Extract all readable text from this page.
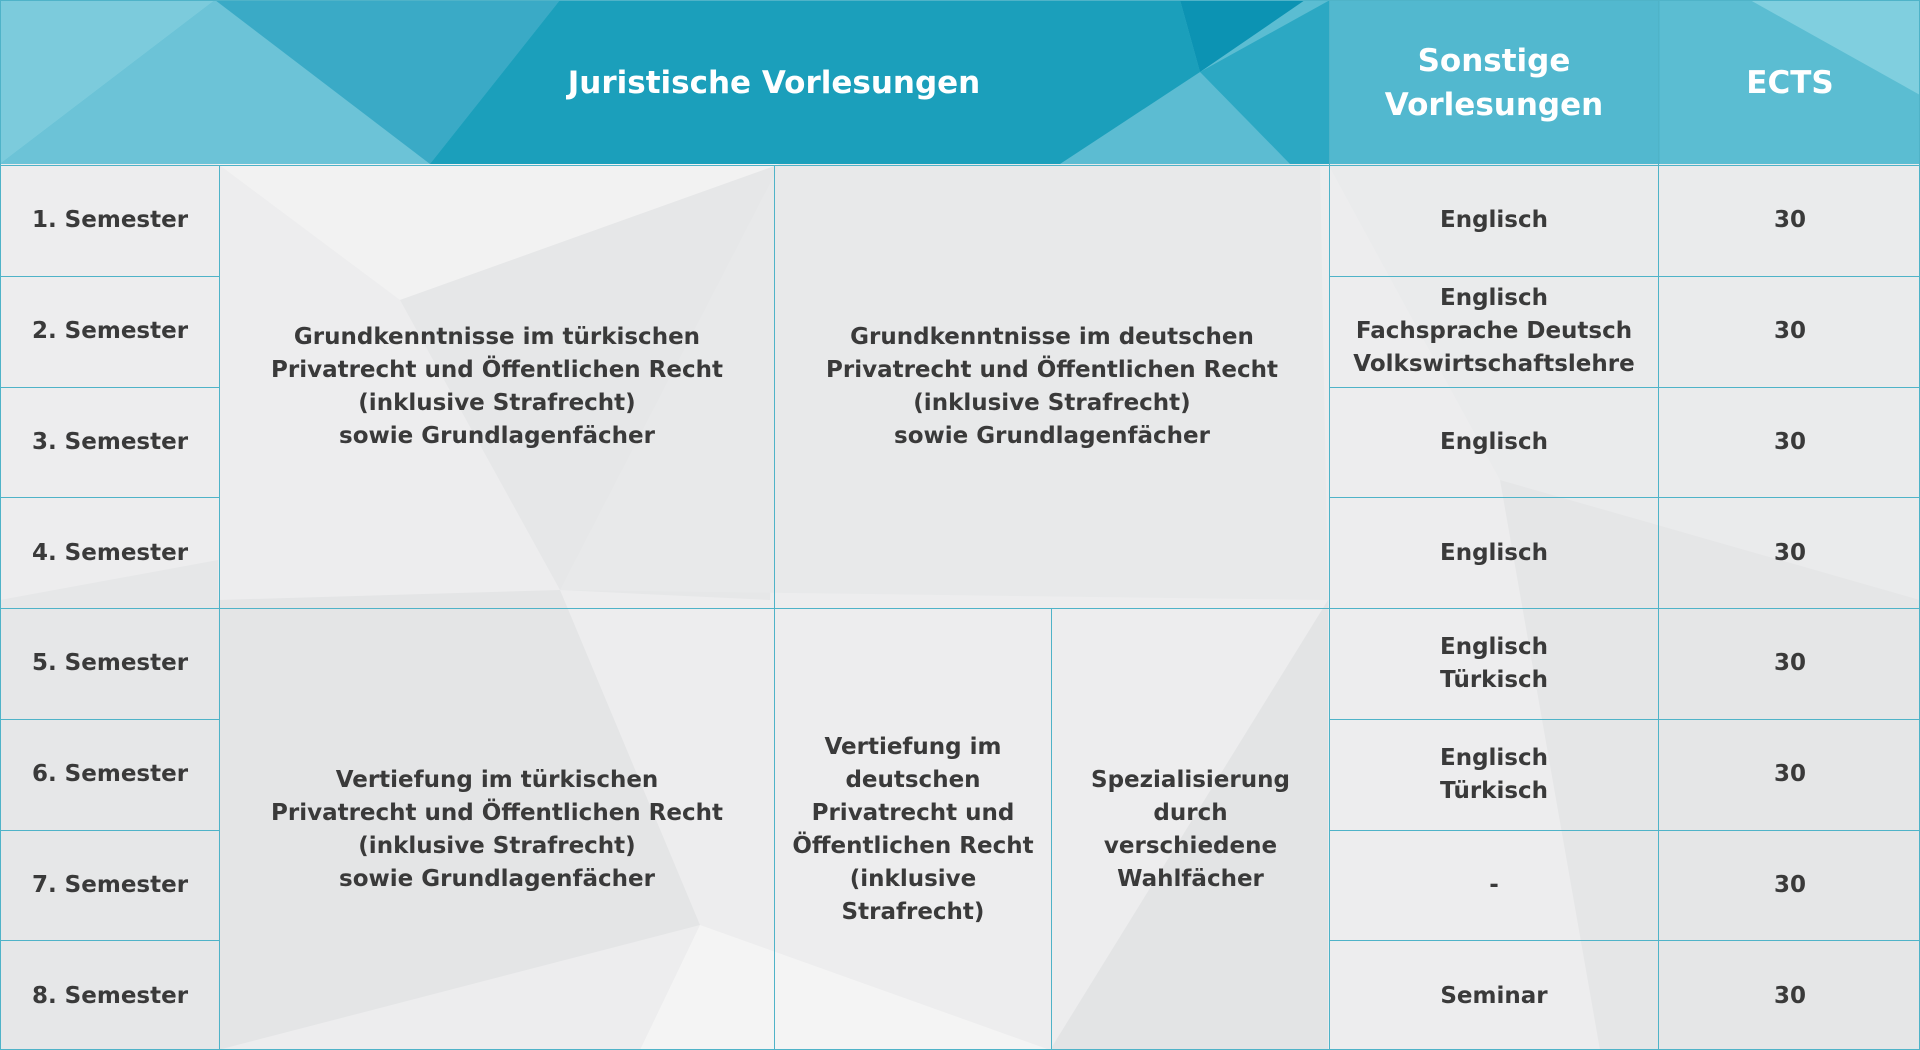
Juristische Vorlesungen
Sonstige
Vorlesungen
ECTS
1. Semester
2. Semester
3. Semester
4. Semester
5. Semester
6. Semester
7. Semester
8. Semester
Grundkenntnisse im türkischen
Privatrecht und Öffentlichen Recht
(inklusive Strafrecht)
sowie Grundlagenfächer
Grundkenntnisse im deutschen
Privatrecht und Öffentlichen Recht
(inklusive Strafrecht)
sowie Grundlagenfächer
Vertiefung im türkischen
Privatrecht und Öffentlichen Recht
(inklusive Strafrecht)
sowie Grundlagenfächer
Vertiefung im
deutschen
Privatrecht und
Öffentlichen Recht
(inklusive Strafrecht)
Spezialisierung durch
verschiedene
Wahlfächer
Englisch
Englisch
Fachsprache Deutsch
Volkswirtschaftslehre
Englisch
Englisch
Englisch
Türkisch
Englisch
Türkisch
-
Seminar
30
30
30
30
30
30
30
30
